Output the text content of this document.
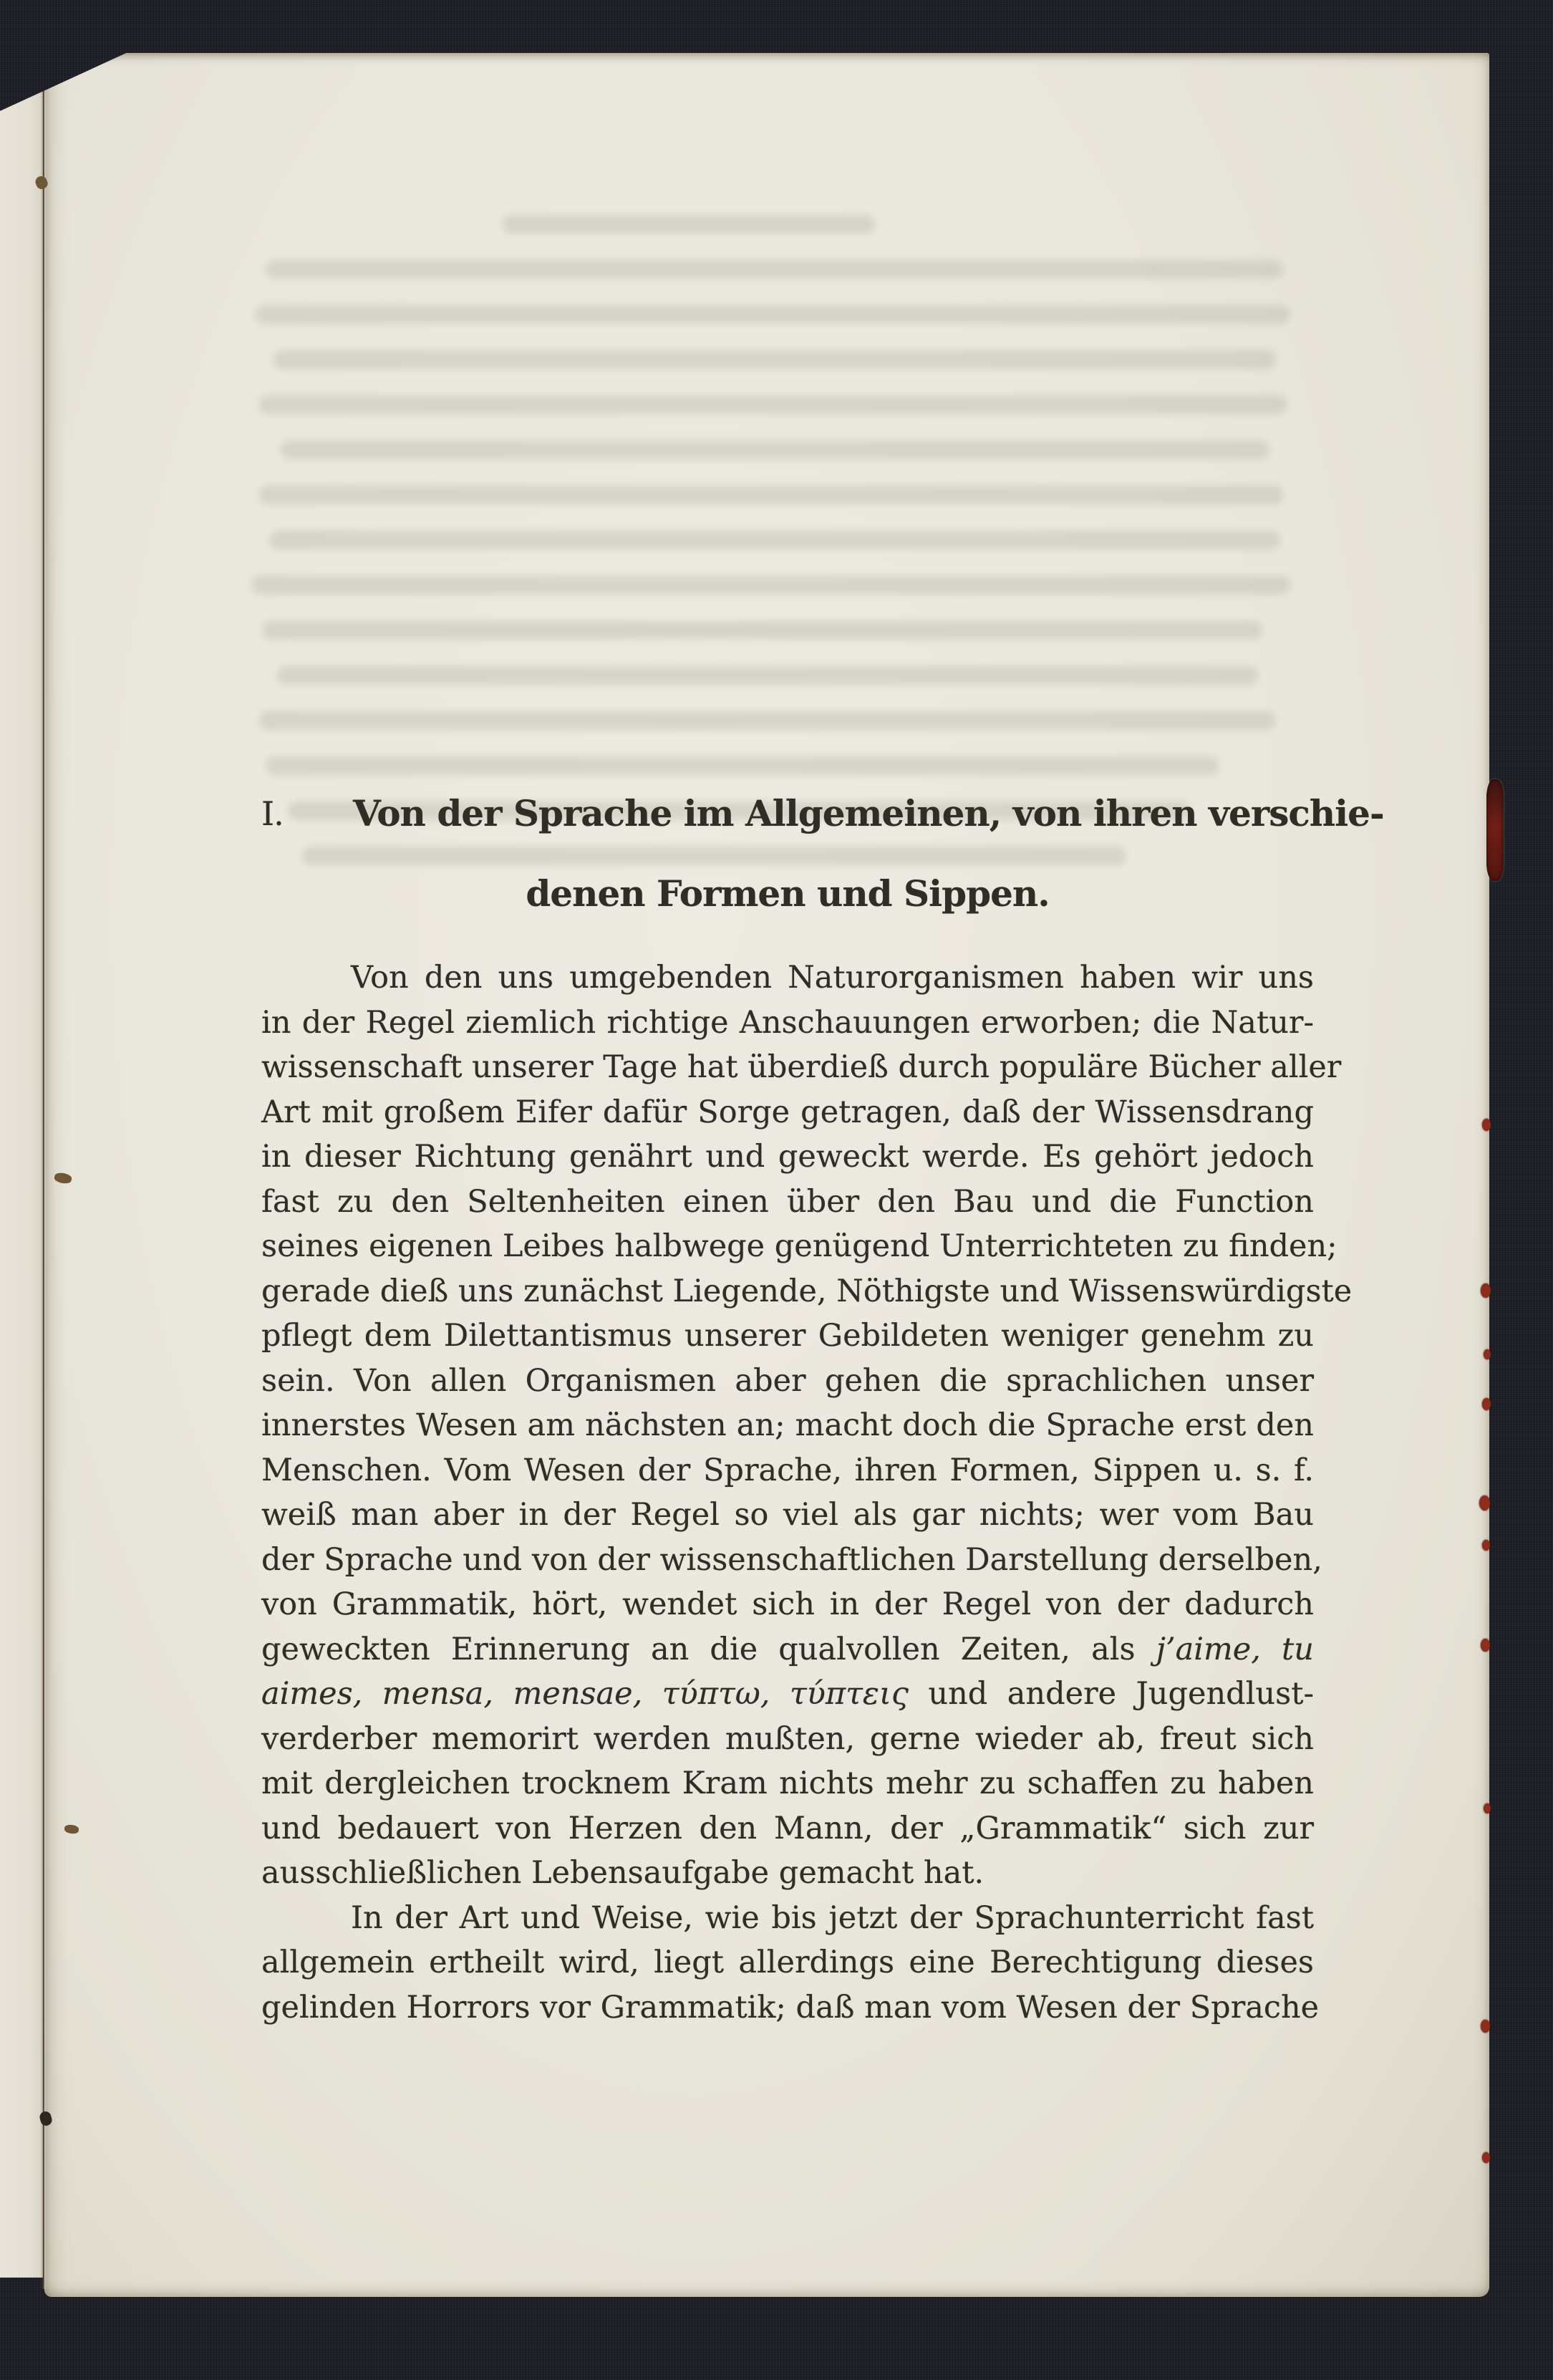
I.	Von der Sprache im Allgemeinen, von ihren verschie-
denen Formen und Sippen.
Von den uns umgebenden Naturorganismen haben wir uns
in der Regel ziemlich richtige Anschauungen erworben; die Natur-
wissenschaft unserer Tage hat überdieß durch populäre Bücher aller
Art mit großem Eifer dafür Sorge getragen, daß der Wissensdrang
in dieser Richtung genährt und geweckt werde. Es gehört jedoch
fast zu den Seltenheiten einen über den Bau und die Function
seines eigenen Leibes halbwege genügend Unterrichteten zu finden;
gerade dieß uns zunächst Liegende, Nöthigste und Wissenswürdigste
pflegt dem Dilettantismus unserer Gebildeten weniger genehm zu
sein. Von allen Organismen aber gehen die sprachlichen unser
innerstes Wesen am nächsten an; macht doch die Sprache erst den
Menschen. Vom Wesen der Sprache, ihren Formen, Sippen u. s. f.
weiß man aber in der Regel so viel als gar nichts; wer vom Bau
der Sprache und von der wissenschaftlichen Darstellung derselben,
von Grammatik, hört, wendet sich in der Regel von der dadurch
geweckten Erinnerung an die qualvollen Zeiten, als j’aime, tu
aimes, mensa, mensae, τύπτω, τύπτεις und andere Jugendlust-
verderber memorirt werden mußten, gerne wieder ab, freut sich
mit dergleichen trocknem Kram nichts mehr zu schaffen zu haben
und bedauert von Herzen den Mann, der „Grammatik“ sich zur
ausschließlichen Lebensaufgabe gemacht hat.
In der Art und Weise, wie bis jetzt der Sprachunterricht fast
allgemein ertheilt wird, liegt allerdings eine Berechtigung dieses
gelinden Horrors vor Grammatik; daß man vom Wesen der Sprache
